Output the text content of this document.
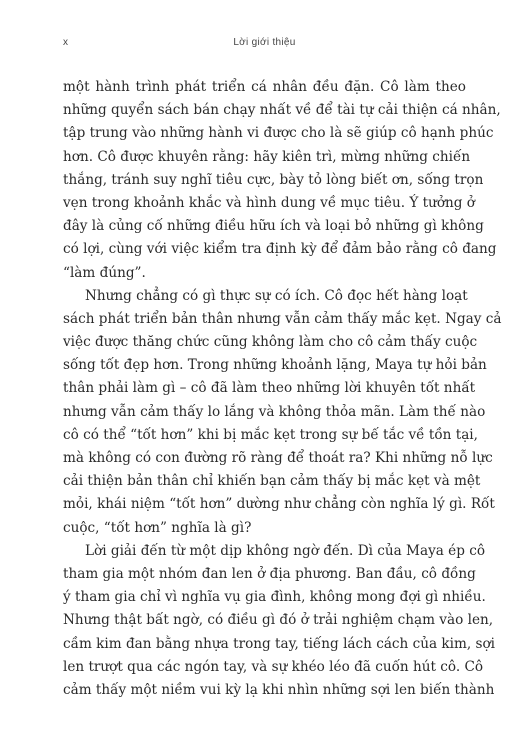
x	Lời giới thiệu
một hành trình phát triển cá nhân đều đặn. Cô làm theo
những quyển sách bán chạy nhất về để tài tự cải thiện cá nhân,
tập trung vào những hành vi được cho là sẽ giúp cô hạnh phúc
hơn. Cô được khuyên rằng: hãy kiên trì, mừng những chiến
thắng, tránh suy nghĩ tiêu cực, bày tỏ lòng biết ơn, sống trọn
vẹn trong khoảnh khắc và hình dung về mục tiêu. Ý tưởng ở
đây là củng cố những điều hữu ích và loại bỏ những gì không
có lợi, cùng với việc kiểm tra định kỳ để đảm bảo rằng cô đang
“làm đúng”.
Nhưng chẳng có gì thực sự có ích. Cô đọc hết hàng loạt
sách phát triển bản thân nhưng vẫn cảm thấy mắc kẹt. Ngay cả
việc được thăng chức cũng không làm cho cô cảm thấy cuộc
sống tốt đẹp hơn. Trong những khoảnh lặng, Maya tự hỏi bản
thân phải làm gì – cô đã làm theo những lời khuyên tốt nhất
nhưng vẫn cảm thấy lo lắng và không thỏa mãn. Làm thế nào
cô có thể “tốt hơn” khi bị mắc kẹt trong sự bế tắc về tồn tại,
mà không có con đường rõ ràng để thoát ra? Khi những nỗ lực
cải thiện bản thân chỉ khiến bạn cảm thấy bị mắc kẹt và mệt
mỏi, khái niệm “tốt hơn” dường như chẳng còn nghĩa lý gì. Rốt
cuộc, “tốt hơn” nghĩa là gì?
Lời giải đến từ một dịp không ngờ đến. Dì của Maya ép cô
tham gia một nhóm đan len ở địa phương. Ban đầu, cô đồng
ý tham gia chỉ vì nghĩa vụ gia đình, không mong đợi gì nhiều.
Nhưng thật bất ngờ, có điều gì đó ở trải nghiệm chạm vào len,
cầm kim đan bằng nhựa trong tay, tiếng lách cách của kim, sợi
len trượt qua các ngón tay, và sự khéo léo đã cuốn hút cô. Cô
cảm thấy một niềm vui kỳ lạ khi nhìn những sợi len biến thành
